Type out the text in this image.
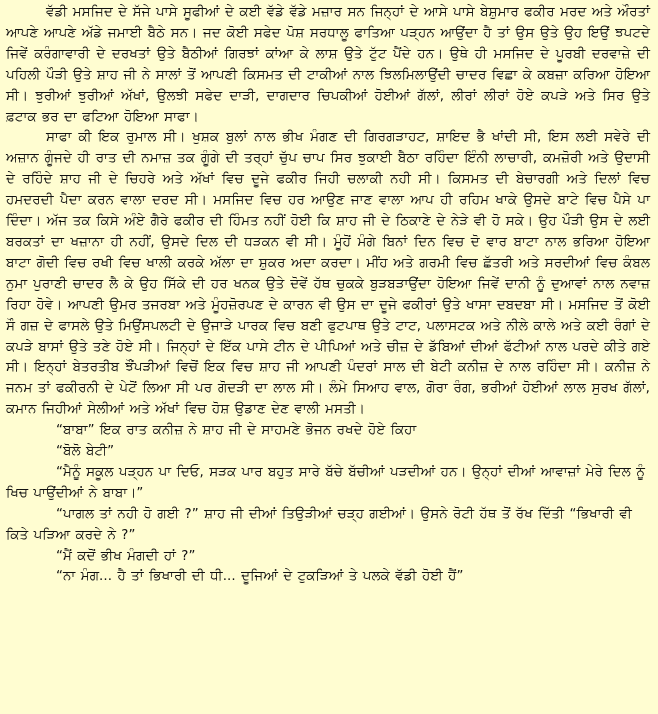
ਵੱਡੀ ਮਸਜਿਦ ਦੇ ਸੱਜੇ ਪਾਸੇ ਸੂਫੀਆਂ ਦੇ ਕਈ ਵੱਡੇ ਵੱਡੇ ਮਜ਼ਾਰ ਸਨ ਜਿਨ੍ਹਾਂ ਦੇ ਆਸੇ ਪਾਸੇ ਬੇਸ਼ੁਮਾਰ ਫਕੀਰ ਮਰਦ ਅਤੇ ਔਰਤਾਂ ਆਪਣੇ ਆਪਣੇ ਅੱਡੇ ਜਮਾਈ ਬੈਠੇ ਸਨ। ਜਦ ਕੋਈ ਸਫੇਦ ਪੋਸ਼ ਸਰਧਾਲੂ ਫਾਤਿਆ ਪੜ੍ਹਨ ਆਉਂਦਾ ਹੈ ਤਾਂ ਉਸ ਉਤੇ ਉਹ ਇਉਂ ਝਪਟਦੇ ਜਿਵੇਂ ਕਰੰਗਾਵਾਰੀ ਦੇ ਦਰਖਤਾਂ ਉਤੇ ਬੈਠੀਆਂ ਗਿਰਝਾਂ ਕਾਂਆ ਕੇ ਲਾਸ਼ ਉਤੇ ਟੁੱਟ ਪੈਂਦੇ ਹਨ। ਉਥੇ ਹੀ ਮਸਜਿਦ ਦੇ ਪੂਰਬੀ ਦਰਵਾਜ਼ੇ ਦੀ ਪਹਿਲੀ ਪੌੜੀ ਉਤੇ ਸ਼ਾਹ ਜੀ ਨੇ ਸਾਲਾਂ ਤੋਂ ਆਪਣੀ ਕਿਸਮਤ ਦੀ ਟਾਕੀਆਂ ਨਾਲ ਝਿਲਮਿਲਾਉਂਦੀ ਚਾਦਰ ਵਿਛਾ ਕੇ ਕਬਜ਼ਾ ਕਰਿਆ ਹੋਇਆ ਸੀ। ਝੁਰੀਆਂ ਝੁਰੀਆਂ ਅੱਖਾਂ, ਉਲਝੀ ਸਫੇਦ ਦਾੜੀ, ਦਾਗਦਾਰ ਚਿਪਕੀਆਂ ਹੋਈਆਂ ਗੱਲਾਂ, ਲੀਰਾਂ ਲੀਰਾਂ ਹੋਏ ਕਪੜੇ ਅਤੇ ਸਿਰ ਉਤੇ ਫ਼ਟਾਕ ਭਰ ਦਾ ਫਟਿਆ ਹੋਇਆ ਸਾਫਾ।

ਸਾਫਾ ਕੀ ਇਕ ਰੁਮਾਲ ਸੀ। ਖੁਸ਼ਕ ਬੁਲਾਂ ਨਾਲ ਭੀਖ ਮੰਗਣ ਦੀ ਗਿਰਗੜਾਹਟ, ਸ਼ਾਇਦ ਭੈ ਖਾਂਦੀ ਸੀ, ਇਸ ਲਈ ਸਵੇਰੇ ਦੀ ਅਜ਼ਾਨ ਗੂੰਜਦੇ ਹੀ ਰਾਤ ਦੀ ਨਮਾਜ਼ ਤਕ ਗੂੰਗੇ ਦੀ ਤਰ੍ਹਾਂ ਚੁੱਪ ਚਾਪ ਸਿਰ ਝੁਕਾਈ ਬੈਠਾ ਰਹਿੰਦਾ ਇੰਨੀ ਲਾਚਾਰੀ, ਕਮਜ਼ੋਰੀ ਅਤੇ ਉਦਾਸੀ ਦੇ ਰਹਿੰਦੇ ਸ਼ਾਹ ਜੀ ਦੇ ਚਿਹਰੇ ਅਤੇ ਅੱਖਾਂ ਵਿਚ ਦੂਜੇ ਫਕੀਰ ਜਿਹੀ ਚਲਾਕੀ ਨਹੀ ਸੀ। ਕਿਸਮਤ ਦੀ ਬੇਚਾਰਗੀ ਅਤੇ ਦਿਲਾਂ ਵਿਚ ਹਮਦਰਦੀ ਪੈਦਾ ਕਰਨ ਵਾਲਾ ਦਰਦ ਸੀ। ਮਸਜਿਦ ਵਿਚ ਹਰ ਆਉਣ ਜਾਣ ਵਾਲਾ ਆਪ ਹੀ ਰਹਿਮ ਖਾਕੇ ਉਸਦੇ ਬਾਟੇ ਵਿਚ ਪੈਸੇ ਪਾ ਦਿੰਦਾ। ਅੱਜ ਤਕ ਕਿਸੇ ਅੰਏ ਗੈਰੇ ਫਕੀਰ ਦੀ ਹਿੰਮਤ ਨਹੀਂ ਹੋਈ ਕਿ ਸ਼ਾਹ ਜੀ ਦੇ ਠਿਕਾਣੇ ਦੇ ਨੇੜੇ ਵੀ ਹੋ ਸਕੇ। ਉਹ ਪੌੜੀ ਉਸ ਦੇ ਲਈ ਬਰਕਤਾਂ ਦਾ ਖਜ਼ਾਨਾ ਹੀ ਨਹੀਂ, ਉਸਦੇ ਦਿਲ ਦੀ ਧੜਕਨ ਵੀ ਸੀ। ਮੂੰਹੋਂ ਮੰਗੇ ਬਿਨਾਂ ਦਿਨ ਵਿਚ ਦੋ ਵਾਰ ਬਾਟਾ ਨਾਲ ਭਰਿਆ ਹੋਇਆ ਬਾਟਾ ਗੋਦੀ ਵਿਚ ਰਖੀ ਵਿਚ ਖਾਲੀ ਕਰਕੇ ਅੱਲਾ ਦਾ ਸ਼ੁਕਰ ਅਦਾ ਕਰਦਾ। ਮੀਂਹ ਅਤੇ ਗਰਮੀ ਵਿਚ ਛੱਤਰੀ ਅਤੇ ਸਰਦੀਆਂ ਵਿਚ ਕੰਬਲ ਨੁਮਾ ਪੁਰਾਣੀ ਚਾਦਰ ਲੈ ਕੇ ਉਹ ਸਿੱਕੇ ਦੀ ਹਰ ਖਨਕ ਉਤੇ ਦੋਵੇਂ ਹੱਥ ਚੁਕਕੇ ਬੁੜਬੜਾਉਂਦਾ ਹੋਇਆ ਜਿਵੇਂ ਦਾਨੀ ਨੂੰ ਦੁਆਵਾਂ ਨਾਲ ਨਵਾਜ਼ ਰਿਹਾ ਹੋਵੇ। ਆਪਣੀ ਉਮਰ ਤਜਰਬਾ ਅਤੇ ਮੂੰਹਜ਼ੋਰਪਣ ਦੇ ਕਾਰਨ ਵੀ ਉਸ ਦਾ ਦੂਜੇ ਫਕੀਰਾਂ ਉਤੇ ਖਾਸਾ ਦਬਦਬਾ ਸੀ। ਮਸਜਿਦ ਤੋਂ ਕੋਈ ਸੌ ਗਜ਼ ਦੇ ਫਾਸਲੇ ਉਤੇ ਮਿਉਂਸਪਲਟੀ ਦੇ ਉਜਾੜੇ ਪਾਰਕ ਵਿਚ ਬਣੀ ਫੁਟਪਾਥ ਉਤੇ ਟਾਟ, ਪਲਾਸਟਕ ਅਤੇ ਨੀਲੇ ਕਾਲੇ ਅਤੇ ਕਈ ਰੰਗਾਂ ਦੇ ਕਪੜੇ ਬਾਸਾਂ ਉਤੇ ਤਣੇ ਹੋਏ ਸੀ। ਜਿਨ੍ਹਾਂ ਦੇ ਇੱਕ ਪਾਸੇ ਟੀਨ ਦੇ ਪੀਪਿਆਂ ਅਤੇ ਚੀਜ਼ ਦੇ ਡੱਬਿਆਂ ਦੀਆਂ ਫੱਟੀਆਂ ਨਾਲ ਪਰਦੇ ਕੀਤੇ ਗਏ ਸੀ। ਇਨ੍ਹਾਂ ਬੇਤਰਤੀਬ ਝੌਂਪੜੀਆਂ ਵਿਚੋਂ ਇਕ ਵਿਚ ਸ਼ਾਹ ਜੀ ਆਪਣੀ ਪੰਦਰਾਂ ਸਾਲ ਦੀ ਬੇਟੀ ਕਨੀਜ਼ ਦੇ ਨਾਲ ਰਹਿੰਦਾ ਸੀ। ਕਨੀਜ਼ ਨੇ ਜਨਮ ਤਾਂ ਫਕੀਰਨੀ ਦੇ ਪੇਟੋਂ ਲਿਆ ਸੀ ਪਰ ਗੋਦੜੀ ਦਾ ਲਾਲ ਸੀ। ਲੰਮੇ ਸਿਆਹ ਵਾਲ, ਗੋਰਾ ਰੰਗ, ਭਰੀਆਂ ਹੋਈਆਂ ਲਾਲ ਸੁਰਖ ਗੱਲਾਂ, ਕਮਾਨ ਜਿਹੀਆਂ ਸੇਲੀਆਂ ਅਤੇ ਅੱਖਾਂ ਵਿਚ ਹੋਸ਼ ਉਡਾਣ ਦੇਣ ਵਾਲੀ ਮਸਤੀ।

“ਬਾਬਾ” ਇਕ ਰਾਤ ਕਨੀਜ਼ ਨੇ ਸ਼ਾਹ ਜੀ ਦੇ ਸਾਹਮਣੇ ਭੋਜਨ ਰਖਦੇ ਹੋਏ ਕਿਹਾ

“ਬੋਲੋ ਬੇਟੀ”

“ਮੈਨੂੰ ਸਕੂਲ ਪੜ੍ਹਨ ਪਾ ਦਿਓ, ਸੜਕ ਪਾਰ ਬਹੁਤ ਸਾਰੇ ਬੱਚੇ ਬੱਚੀਆਂ ਪੜਦੀਆਂ ਹਨ। ਉਨ੍ਹਾਂ ਦੀਆਂ ਆਵਾਜ਼ਾਂ ਮੇਰੇ ਦਿਲ ਨੂੰ ਖਿਚ ਪਾਉਂਦੀਆਂ ਨੇ ਬਾਬਾ।”

“ਪਾਗਲ ਤਾਂ ਨਹੀ ਹੋ ਗਈ ?” ਸ਼ਾਹ ਜੀ ਦੀਆਂ ਤਿਉੜੀਆਂ ਚੜ੍ਹ ਗਈਆਂ। ਉਸਨੇ ਰੋਟੀ ਹੱਥ ਤੋਂ ਰੱਖ ਦਿੱਤੀ “ਭਿਖਾਰੀ ਵੀ ਕਿਤੇ ਪੜਿਆ ਕਰਦੇ ਨੇ ?”

“ਮੈਂ ਕਦੋਂ ਭੀਖ ਮੰਗਦੀ ਹਾਂ ?”

“ਨਾ ਮੰਗ... ਹੈ ਤਾਂ ਭਿਖਾਰੀ ਦੀ ਧੀ... ਦੂਜਿਆਂ ਦੇ ਟੁਕੜਿਆਂ ਤੇ ਪਲਕੇ ਵੱਡੀ ਹੋਈ ਹੈਂ”
